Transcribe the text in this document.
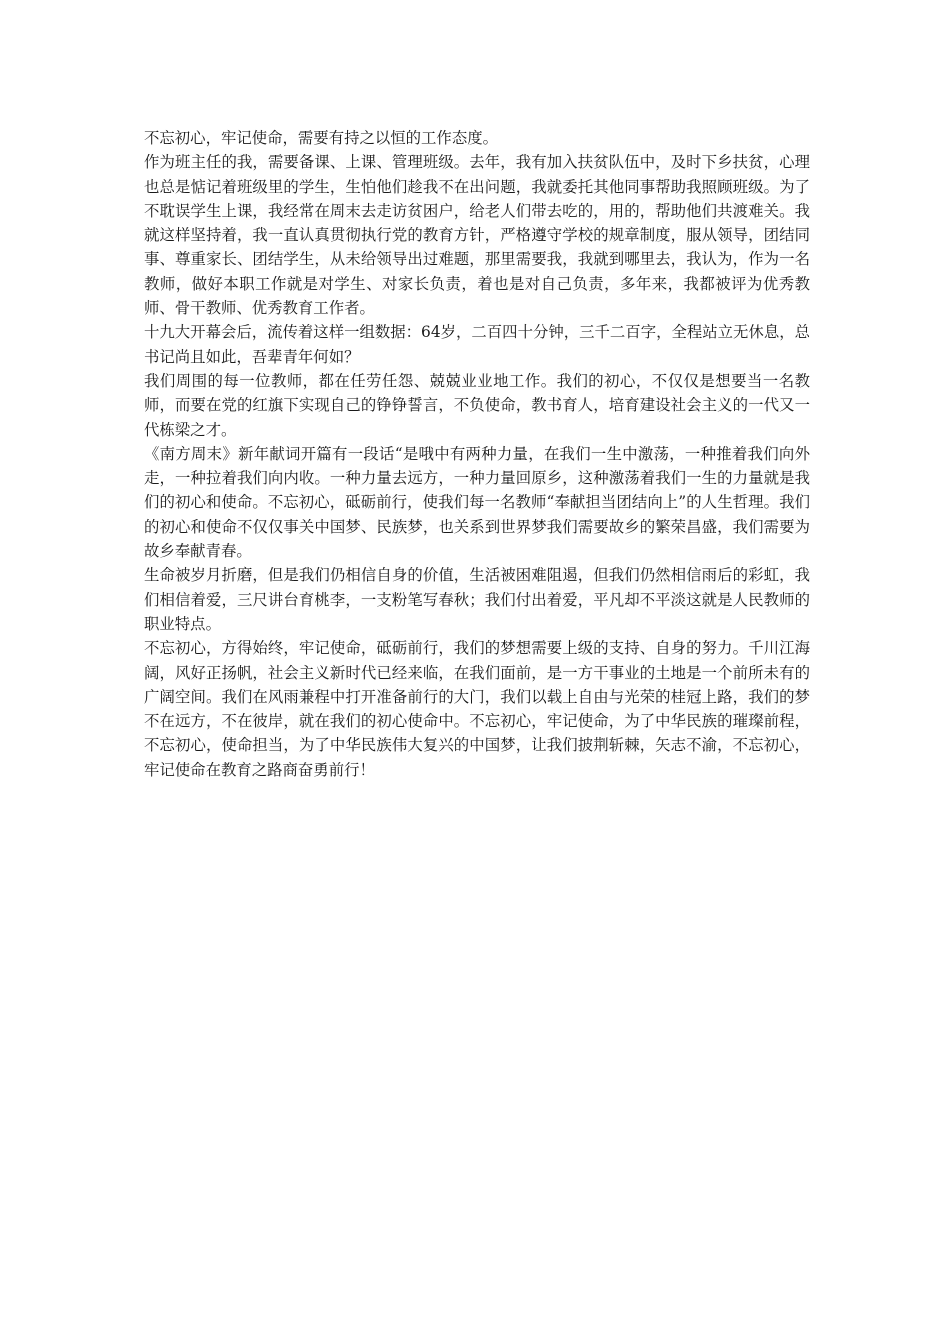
不忘初心，牢记使命，需要有持之以恒的工作态度。

作为班主任的我，需要备课、上课、管理班级。去年，我有加入扶贫队伍中，及时下乡扶贫，心理也总是惦记着班级里的学生，生怕他们趁我不在出问题，我就委托其他同事帮助我照顾班级。为了不耽误学生上课，我经常在周末去走访贫困户，给老人们带去吃的，用的，帮助他们共渡难关。我就这样坚持着，我一直认真贯彻执行党的教育方针，严格遵守学校的规章制度，服从领导，团结同事、尊重家长、团结学生，从未给领导出过难题，那里需要我，我就到哪里去，我认为，作为一名教师，做好本职工作就是对学生、对家长负责，着也是对自己负责，多年来，我都被评为优秀教师、骨干教师、优秀教育工作者。

十九大开幕会后，流传着这样一组数据：64岁，二百四十分钟，三千二百字，全程站立无休息，总书记尚且如此，吾辈青年何如？

我们周围的每一位教师，都在任劳任怨、兢兢业业地工作。我们的初心，不仅仅是想要当一名教师，而要在党的红旗下实现自己的铮铮誓言，不负使命，教书育人，培育建设社会主义的一代又一代栋梁之才。

《南方周末》新年献词开篇有一段话“是哦中有两种力量，在我们一生中激荡，一种推着我们向外走，一种拉着我们向内收。一种力量去远方，一种力量回原乡，这种激荡着我们一生的力量就是我们的初心和使命。不忘初心，砥砺前行，使我们每一名教师“奉献担当团结向上”的人生哲理。我们的初心和使命不仅仅事关中国梦、民族梦，也关系到世界梦我们需要故乡的繁荣昌盛，我们需要为故乡奉献青春。

生命被岁月折磨，但是我们仍相信自身的价值，生活被困难阻遏，但我们仍然相信雨后的彩虹，我们相信着爱，三尺讲台育桃李，一支粉笔写春秋；我们付出着爱，平凡却不平淡这就是人民教师的职业特点。

不忘初心，方得始终，牢记使命，砥砺前行，我们的梦想需要上级的支持、自身的努力。千川江海阔，风好正扬帆，社会主义新时代已经来临，在我们面前，是一方干事业的土地是一个前所未有的广阔空间。我们在风雨兼程中打开准备前行的大门，我们以载上自由与光荣的桂冠上路，我们的梦不在远方，不在彼岸，就在我们的初心使命中。不忘初心，牢记使命，为了中华民族的璀璨前程，不忘初心，使命担当，为了中华民族伟大复兴的中国梦，让我们披荆斩棘，矢志不渝，不忘初心，牢记使命在教育之路商奋勇前行！
